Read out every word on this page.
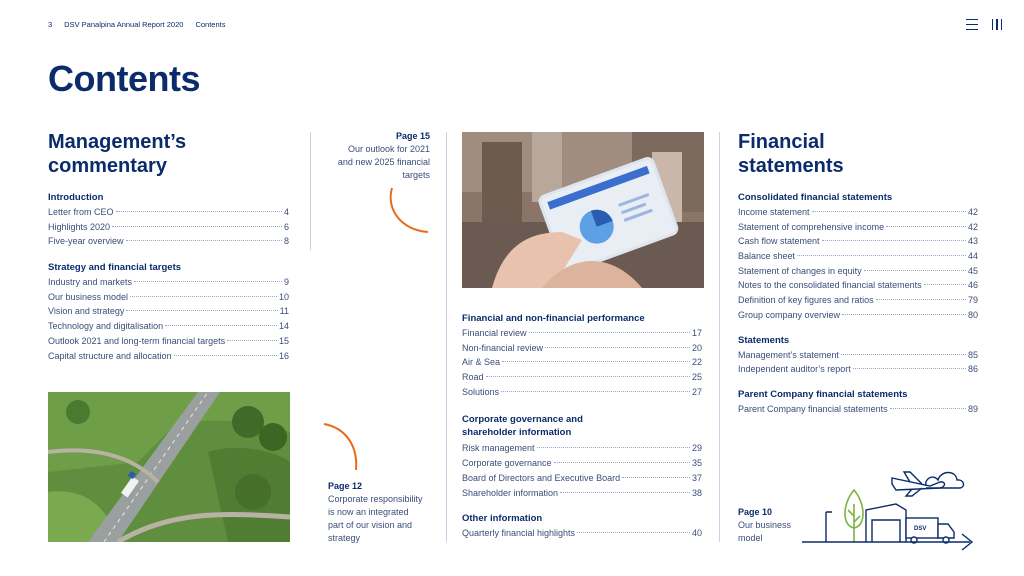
3 DSV Panalpina Annual Report 2020 Contents
Contents
Management’s
commentary
Introduction
Letter from CEO	4
Highlights 2020	6
Five-year overview	8
Strategy and financial targets
Industry and markets	9
Our business model	10
Vision and strategy	11
Technology and digitalisation	14
Outlook 2021 and long-term financial targets	15
Capital structure and allocation	16
Page 15
Our outlook for 2021
and new 2025 financial
targets
Page 12
Corporate responsibility
is now an integrated
part of our vision and
strategy
Financial and non-financial performance
Financial review	17
Non-financial review	20
Air & Sea	22
Road	25
Solutions	27
Corporate governance and
shareholder information
Risk management	29
Corporate governance	35
Board of Directors and Executive Board	37
Shareholder information	38
Other information
Quarterly financial highlights	40
Financial
statements
Consolidated financial statements
Income statement	42
Statement of comprehensive income	42
Cash flow statement	43
Balance sheet	44
Statement of changes in equity	45
Notes to the consolidated financial statements	46
Definition of key figures and ratios	79
Group company overview	80
Statements
Management’s statement	85
Independent auditor’s report	86
Parent Company financial statements
Parent Company financial statements	89
Page 10
Our business
model
DSV
